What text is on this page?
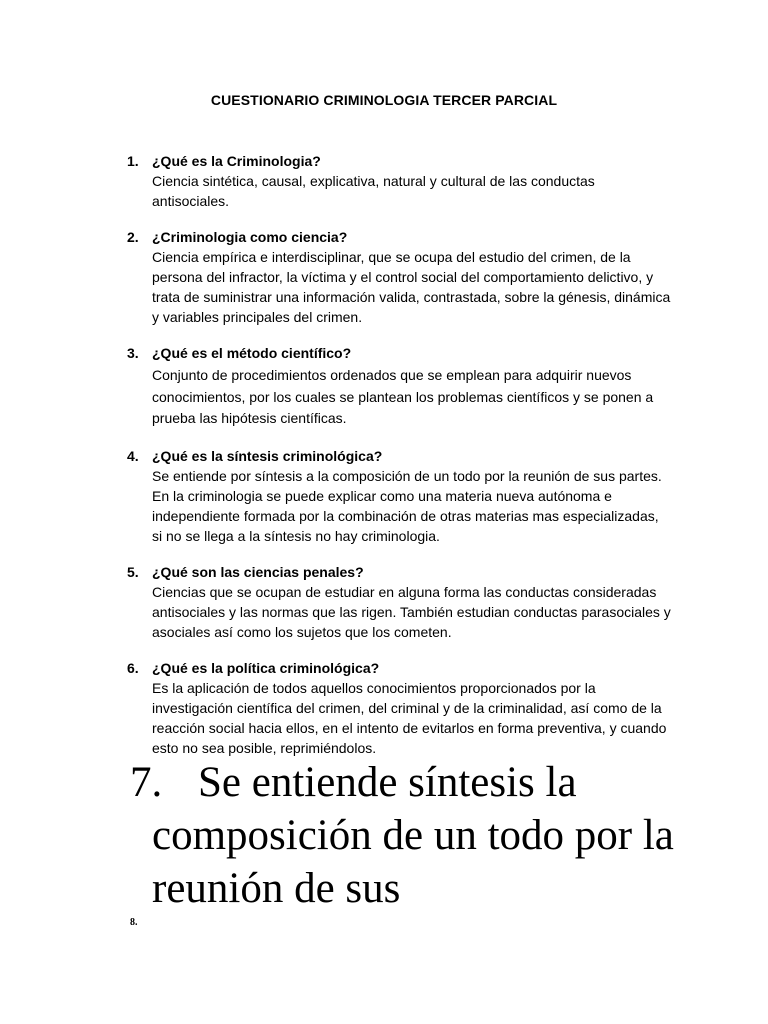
CUESTIONARIO CRIMINOLOGIA TERCER PARCIAL
1. ¿Qué es la Criminologia?
Ciencia sintética, causal, explicativa, natural y cultural de las conductas antisociales.
2. ¿Criminologia como ciencia?
Ciencia empírica e interdisciplinar, que se ocupa del estudio del crimen, de la persona del infractor, la víctima y el control social del comportamiento delictivo, y trata de suministrar una información valida, contrastada, sobre la génesis, dinámica y variables principales del crimen.
3. ¿Qué es el método científico?
Conjunto de procedimientos ordenados que se emplean para adquirir nuevos conocimientos, por los cuales se plantean los problemas científicos y se ponen a prueba las hipótesis científicas.
4. ¿Qué es la síntesis criminológica?
Se entiende por síntesis a la composición de un todo por la reunión de sus partes. En la criminologia se puede explicar como una materia nueva autónoma e independiente formada por la combinación de otras materias mas especializadas, si no se llega a la síntesis no hay criminologia.
5. ¿Qué son las ciencias penales?
Ciencias que se ocupan de estudiar en alguna forma las conductas consideradas antisociales y las normas que las rigen. También estudian conductas parasociales y asociales así como los sujetos que los cometen.
6. ¿Qué es la política criminológica?
Es la aplicación de todos aquellos conocimientos proporcionados por la investigación científica del crimen, del criminal y de la criminalidad, así como de la reacción social hacia ellos, en el intento de evitarlos en forma preventiva, y cuando esto no sea posible, reprimiéndolos.
7. Se entiende síntesis la composición de un todo por la reunión de sus
8.
